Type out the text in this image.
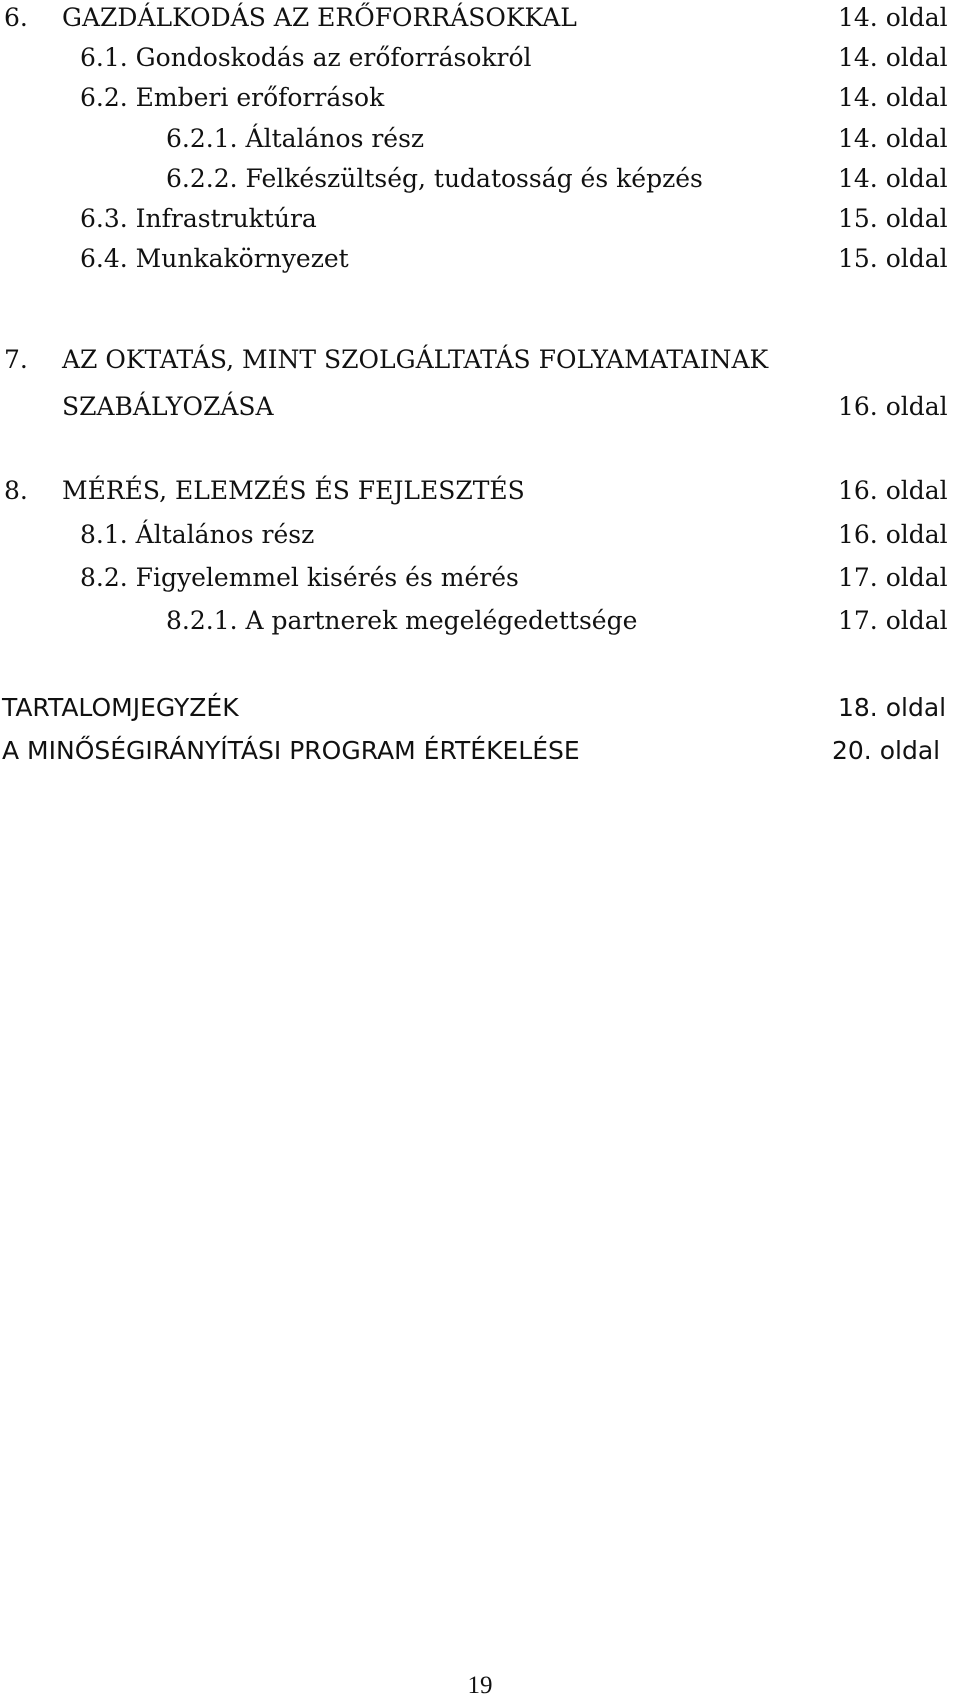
6. GAZDÁLKODÁS AZ ERŐFORRÁSOKKAL	14. oldal
6.1. Gondoskodás az erőforrásokról	14. oldal
6.2. Emberi erőforrások	14. oldal
6.2.1. Általános rész	14. oldal
6.2.2. Felkészültség, tudatosság és képzés	14. oldal
6.3. Infrastruktúra	15. oldal
6.4. Munkakörnyezet	15. oldal
7. AZ OKTATÁS, MINT SZOLGÁLTATÁS FOLYAMATAINAK
SZABÁLYOZÁSA	16. oldal
8. MÉRÉS, ELEMZÉS ÉS FEJLESZTÉS	16. oldal
8.1. Általános rész	16. oldal
8.2. Figyelemmel kisérés és mérés	17. oldal
8.2.1. A partnerek megelégedettsége	17. oldal
TARTALOMJEGYZÉK	18. oldal
A MINŐSÉGIRÁNYÍTÁSI PROGRAM ÉRTÉKELÉSE	20. oldal
19
